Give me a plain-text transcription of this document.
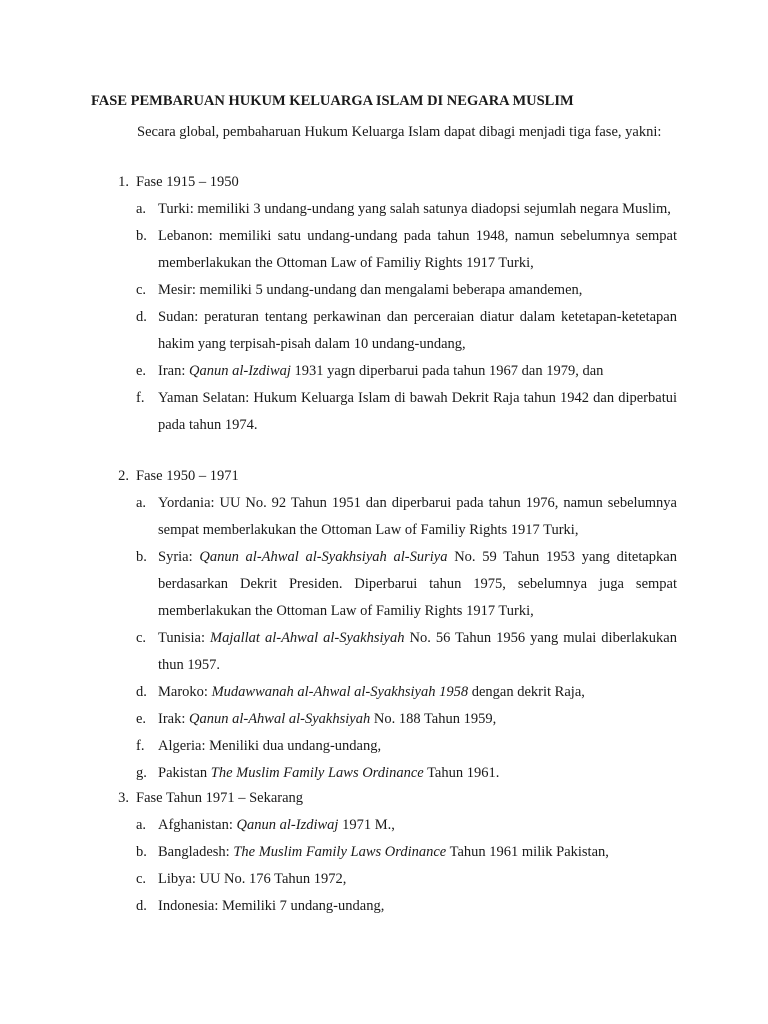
FASE PEMBARUAN HUKUM KELUARGA ISLAM DI NEGARA MUSLIM

Secara global, pembaharuan Hukum Keluarga Islam dapat dibagi menjadi tiga fase, yakni:

1. Fase 1915 – 1950
a. Turki: memiliki 3 undang-undang yang salah satunya diadopsi sejumlah negara Muslim,
b. Lebanon: memiliki satu undang-undang pada tahun 1948, namun sebelumnya sempat memberlakukan the Ottoman Law of Familiy Rights 1917 Turki,
c. Mesir: memiliki 5 undang-undang dan mengalami beberapa amandemen,
d. Sudan: peraturan tentang perkawinan dan perceraian diatur dalam ketetapan-ketetapan hakim yang terpisah-pisah dalam 10 undang-undang,
e. Iran: Qanun al-Izdiwaj 1931 yagn diperbarui pada tahun 1967 dan 1979, dan
f. Yaman Selatan: Hukum Keluarga Islam di bawah Dekrit Raja tahun 1942 dan diperbatui pada tahun 1974.
2. Fase 1950 – 1971
a. Yordania: UU No. 92 Tahun 1951 dan diperbarui pada tahun 1976, namun sebelumnya sempat memberlakukan the Ottoman Law of Familiy Rights 1917 Turki,
b. Syria: Qanun al-Ahwal al-Syakhsiyah al-Suriya No. 59 Tahun 1953 yang ditetapkan berdasarkan Dekrit Presiden. Diperbarui tahun 1975, sebelumnya juga sempat memberlakukan the Ottoman Law of Familiy Rights 1917 Turki,
c. Tunisia: Majallat al-Ahwal al-Syakhsiyah No. 56 Tahun 1956 yang mulai diberlakukan thun 1957.
d. Maroko: Mudawwanah al-Ahwal al-Syakhsiyah 1958 dengan dekrit Raja,
e. Irak: Qanun al-Ahwal al-Syakhsiyah No. 188 Tahun 1959,
f. Algeria: Meniliki dua undang-undang,
g. Pakistan The Muslim Family Laws Ordinance Tahun 1961.
3. Fase Tahun 1971 – Sekarang
a. Afghanistan: Qanun al-Izdiwaj 1971 M.,
b. Bangladesh: The Muslim Family Laws Ordinance Tahun 1961 milik Pakistan,
c. Libya: UU No. 176 Tahun 1972,
d. Indonesia: Memiliki 7 undang-undang,
